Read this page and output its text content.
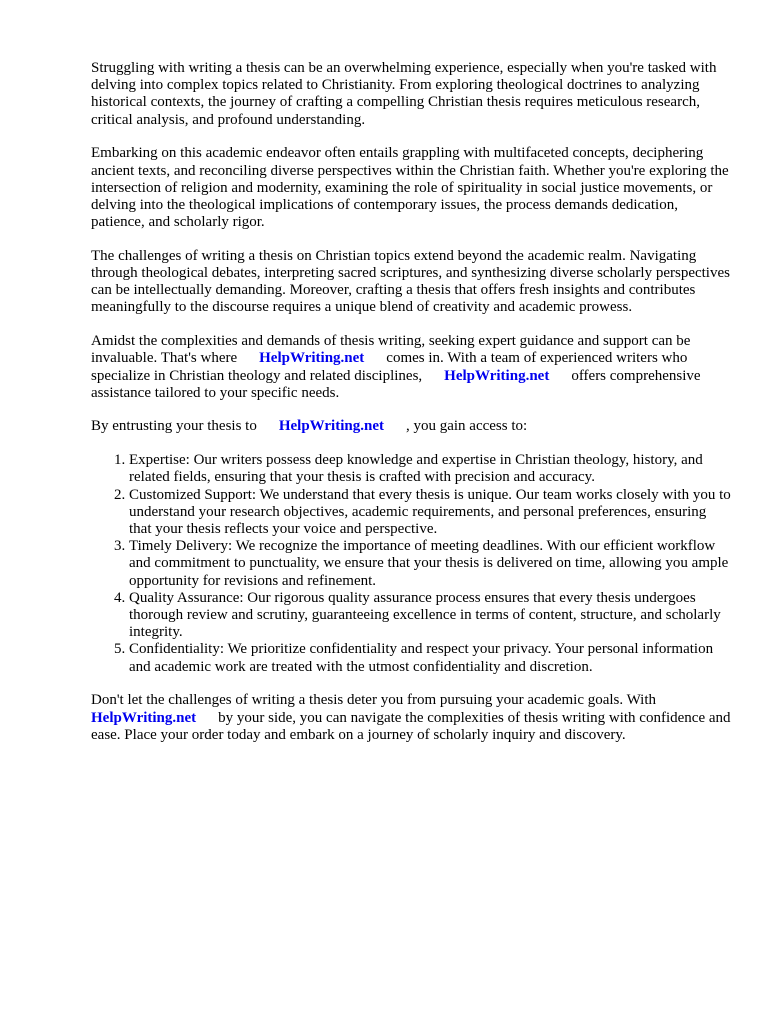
Struggling with writing a thesis can be an overwhelming experience, especially when you're tasked with delving into complex topics related to Christianity. From exploring theological doctrines to analyzing historical contexts, the journey of crafting a compelling Christian thesis requires meticulous research, critical analysis, and profound understanding.

Embarking on this academic endeavor often entails grappling with multifaceted concepts, deciphering ancient texts, and reconciling diverse perspectives within the Christian faith. Whether you're exploring the intersection of religion and modernity, examining the role of spirituality in social justice movements, or delving into the theological implications of contemporary issues, the process demands dedication, patience, and scholarly rigor.

The challenges of writing a thesis on Christian topics extend beyond the academic realm. Navigating through theological debates, interpreting sacred scriptures, and synthesizing diverse scholarly perspectives can be intellectually demanding. Moreover, crafting a thesis that offers fresh insights and contributes meaningfully to the discourse requires a unique blend of creativity and academic prowess.

Amidst the complexities and demands of thesis writing, seeking expert guidance and support can be invaluable. That's where HelpWriting.net comes in. With a team of experienced writers who specialize in Christian theology and related disciplines, HelpWriting.net offers comprehensive assistance tailored to your specific needs.

By entrusting your thesis to HelpWriting.net , you gain access to:

1. Expertise: Our writers possess deep knowledge and expertise in Christian theology, history, and related fields, ensuring that your thesis is crafted with precision and accuracy.
2. Customized Support: We understand that every thesis is unique. Our team works closely with you to understand your research objectives, academic requirements, and personal preferences, ensuring that your thesis reflects your voice and perspective.
3. Timely Delivery: We recognize the importance of meeting deadlines. With our efficient workflow and commitment to punctuality, we ensure that your thesis is delivered on time, allowing you ample opportunity for revisions and refinement.
4. Quality Assurance: Our rigorous quality assurance process ensures that every thesis undergoes thorough review and scrutiny, guaranteeing excellence in terms of content, structure, and scholarly integrity.
5. Confidentiality: We prioritize confidentiality and respect your privacy. Your personal information and academic work are treated with the utmost confidentiality and discretion.

Don't let the challenges of writing a thesis deter you from pursuing your academic goals. With HelpWriting.net by your side, you can navigate the complexities of thesis writing with confidence and ease. Place your order today and embark on a journey of scholarly inquiry and discovery.
